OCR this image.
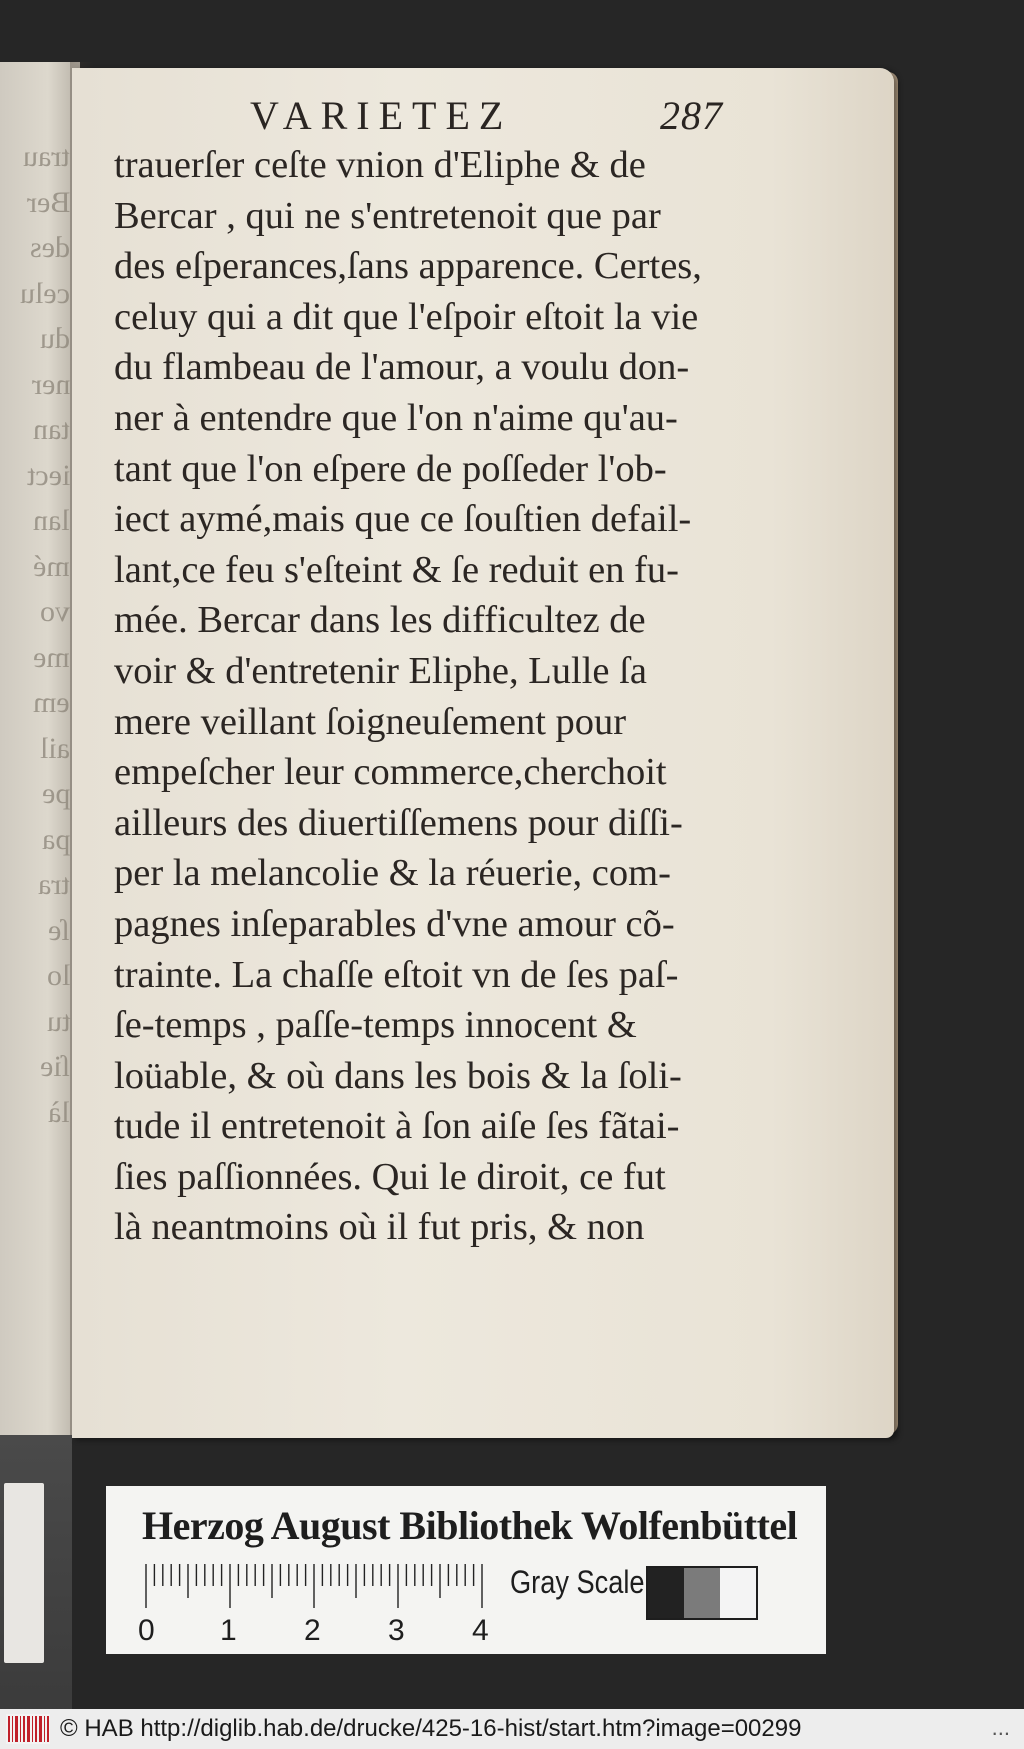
trau
Ber
des
celu
du
ner
tan
iect
lan
mé
vo
me
em
ail
pe
pa
tra
ſe
lo
tu
ſie
là
VARIETEZ	287
trauerſer ceſte vnion d'Eliphe & de
Bercar , qui ne s'entretenoit que par
des eſperances,ſans apparence. Certes,
celuy qui a dit que l'eſpoir eſtoit la vie
du flambeau de l'amour, a voulu don-
ner à entendre que l'on n'aime qu'au-
tant que l'on eſpere de poſſeder l'ob-
iect aymé,mais que ce ſouſtien defail-
lant,ce feu s'eſteint & ſe reduit en fu-
mée. Bercar dans les difficultez de
voir & d'entretenir Eliphe, Lulle ſa
mere veillant ſoigneuſement pour
empeſcher leur commerce,cherchoit
ailleurs des diuertiſſemens pour diſſi-
per la melancolie & la réuerie, com-
pagnes inſeparables d'vne amour cõ-
trainte. La chaſſe eſtoit vn de ſes paſ-
ſe-temps , paſſe-temps innocent &
loüable, & où dans les bois & la ſoli-
tude il entretenoit à ſon aiſe ſes fãtai-
ſies paſſionnées. Qui le diroit, ce fut
là neantmoins où il fut pris, & non
Herzog August Bibliothek Wolfenbüttel
0 1 2 3 4
Gray Scale
© HAB http://diglib.hab.de/drucke/425-16-hist/start.htm?image=00299	...
